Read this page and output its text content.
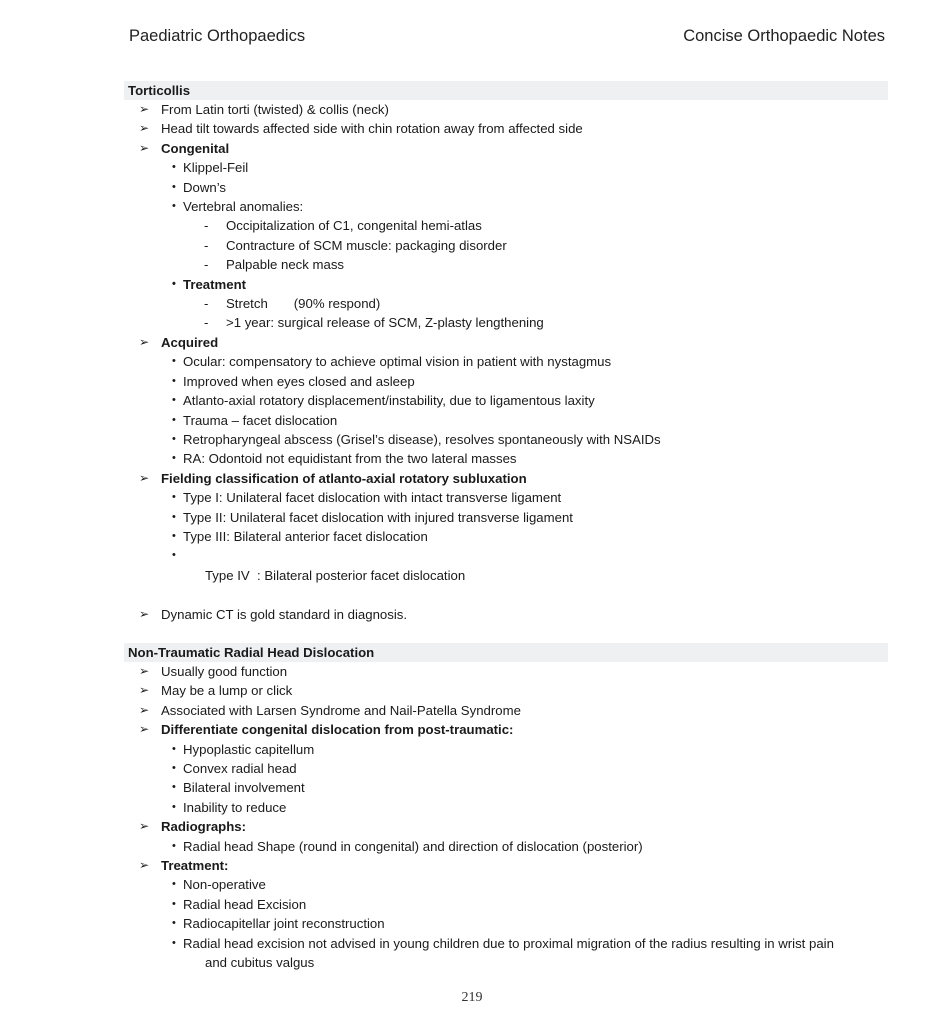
Paediatric Orthopaedics	Concise Orthopaedic Notes
Torticollis
➢ From Latin torti (twisted) & collis (neck)
➢ Head tilt towards affected side with chin rotation away from affected side
➢ Congenital
• Klippel-Feil
• Down’s
• Vertebral anomalies:
- Occipitalization of C1, congenital hemi-atlas
- Contracture of SCM muscle: packaging disorder
- Palpable neck mass
• Treatment
- Stretch (90% respond)
- >1 year: surgical release of SCM, Z-plasty lengthening
➢ Acquired
• Ocular: compensatory to achieve optimal vision in patient with nystagmus
• Improved when eyes closed and asleep
• Atlanto-axial rotatory displacement/instability, due to ligamentous laxity
• Trauma – facet dislocation
• Retropharyngeal abscess (Grisel’s disease), resolves spontaneously with NSAIDs
• RA: Odontoid not equidistant from the two lateral masses
➢ Fielding classification of atlanto-axial rotatory subluxation
• Type I: Unilateral facet dislocation with intact transverse ligament
• Type II: Unilateral facet dislocation with injured transverse ligament
• Type III: Bilateral anterior facet dislocation

•
Type IV  : Bilateral posterior facet dislocation

➢ Dynamic CT is gold standard in diagnosis.
Non-Traumatic Radial Head Dislocation
➢ Usually good function
➢ May be a lump or click
➢ Associated with Larsen Syndrome and Nail-Patella Syndrome
➢ Differentiate congenital dislocation from post-traumatic:
• Hypoplastic capitellum
• Convex radial head
• Bilateral involvement
• Inability to reduce
➢ Radiographs:
• Radial head Shape (round in congenital) and direction of dislocation (posterior)
➢ Treatment:
• Non-operative
• Radial head Excision
• Radiocapitellar joint reconstruction
• Radial head excision not advised in young children due to proximal migration of the radius resulting in wrist pain
and cubitus valgus
219
